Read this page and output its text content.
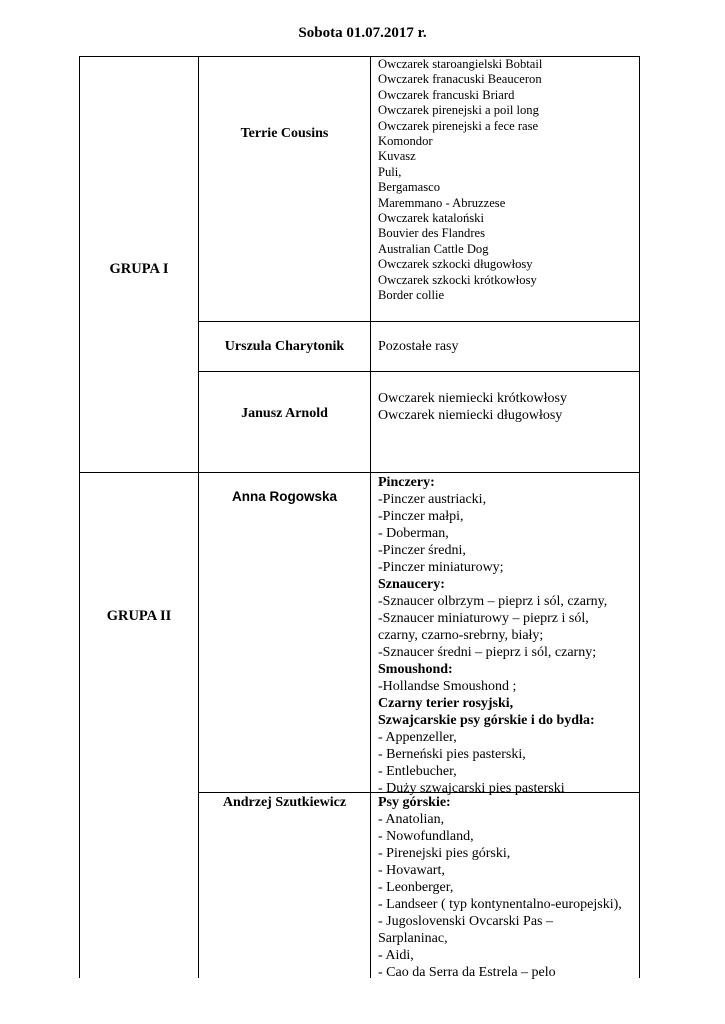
Sobota 01.07.2017 r.
GRUPA I
Terrie Cousins
Owczarek staroangielski Bobtail
Owczarek franacuski Beauceron
Owczarek francuski Briard
Owczarek pirenejski a poil long
Owczarek pirenejski a fece rase
Komondor
Kuvasz
Puli,
Bergamasco
Maremmano - Abruzzese
Owczarek kataloński
Bouvier des Flandres
Australian Cattle Dog
Owczarek szkocki długowłosy
Owczarek szkocki krótkowłosy
Border collie
Urszula Charytonik	Pozostałe rasy
Janusz Arnold
Owczarek niemiecki krótkowłosy
Owczarek niemiecki długowłosy
GRUPA II
Anna Rogowska
Pinczery:
-Pinczer austriacki,
-Pinczer małpi,
- Doberman,
-Pinczer średni,
-Pinczer miniaturowy;
Sznaucery:
-Sznaucer olbrzym – pieprz i sól, czarny,
-Sznaucer miniaturowy – pieprz i sól,
czarny, czarno-srebrny, biały;
-Sznaucer średni – pieprz i sól, czarny;
Smoushond:
-Hollandse Smoushond ;
Czarny terier rosyjski,
Szwajcarskie psy górskie i do bydła:
- Appenzeller,
- Berneński pies pasterski,
- Entlebucher,
- Duży szwajcarski pies pasterski
Andrzej Szutkiewicz	Psy górskie:
- Anatolian,
- Nowofundland,
- Pirenejski pies górski,
- Hovawart,
- Leonberger,
- Landseer ( typ kontynentalno-europejski),
- Jugoslovenski Ovcarski Pas –
Sarplaninac,
- Aidi,
- Cao da Serra da Estrela – pelo
